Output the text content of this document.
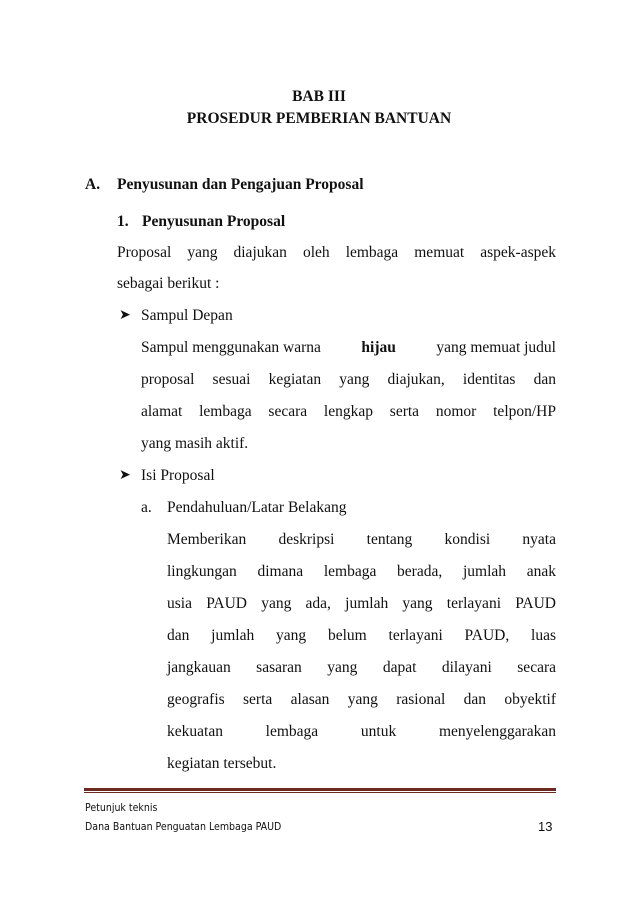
BAB III
PROSEDUR PEMBERIAN BANTUAN
A. Penyusunan dan Pengajuan Proposal
1. Penyusunan Proposal
Proposal yang diajukan oleh lembaga memuat aspek-aspek
sebagai berikut :
➤ Sampul Depan
Sampul menggunakan warna	hijau	yang memuat judul
proposal sesuai kegiatan yang diajukan, identitas dan
alamat lembaga secara lengkap serta nomor telpon/HP
yang masih aktif.
➤ Isi Proposal
a. Pendahuluan/Latar Belakang
Memberikan deskripsi tentang kondisi nyata
lingkungan dimana lembaga berada, jumlah anak
usia PAUD yang ada, jumlah yang terlayani PAUD
dan jumlah yang belum terlayani PAUD, luas
jangkauan sasaran yang dapat dilayani secara
geografis serta alasan yang rasional dan obyektif
kekuatan lembaga untuk menyelenggarakan
kegiatan tersebut.
Petunjuk teknis
Dana Bantuan Penguatan Lembaga PAUD	13
